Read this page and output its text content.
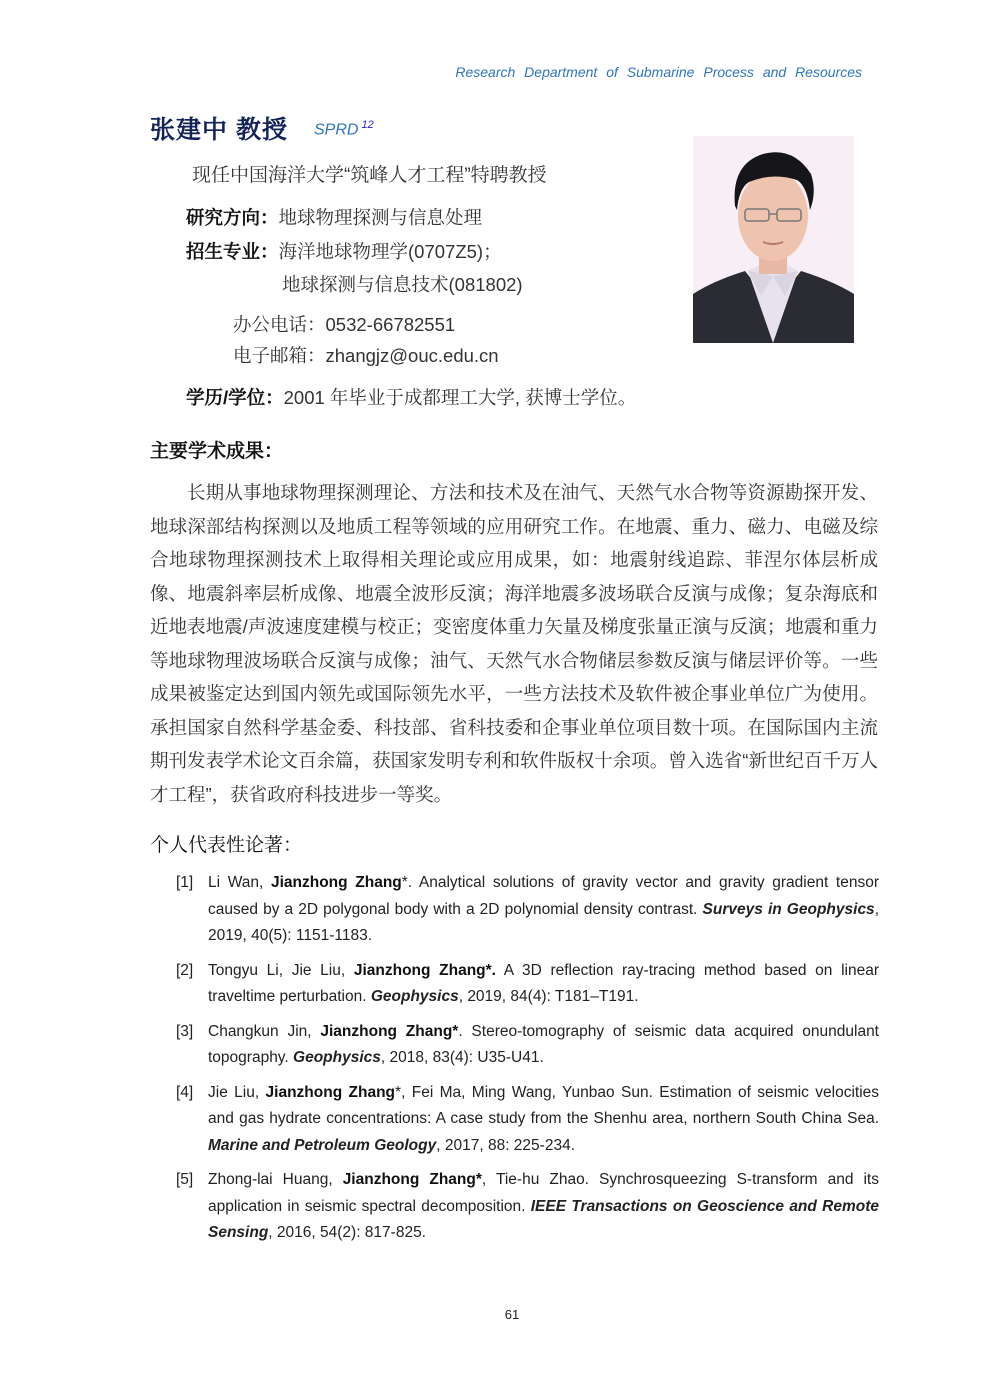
Research Department of Submarine Process and Resources
张建中 教授 SPRD $^{12}$
现任中国海洋大学“筑峰人才工程”特聘教授
研究方向：地球物理探测与信息处理
招生专业：海洋地球物理学(0707Z5)；
地球探测与信息技术(081802)
办公电话：0532-66782551
电子邮箱：zhangjz@ouc.edu.cn
学历/学位：2001 年毕业于成都理工大学, 获博士学位。
主要学术成果：

长期从事地球物理探测理论、方法和技术及在油气、天然气水合物等资源勘探开发、地球深部结构探测以及地质工程等领域的应用研究工作。在地震、重力、磁力、电磁及综合地球物理探测技术上取得相关理论或应用成果，如：地震射线追踪、菲涅尔体层析成像、地震斜率层析成像、地震全波形反演；海洋地震多波场联合反演与成像；复杂海底和近地表地震/声波速度建模与校正；变密度体重力矢量及梯度张量正演与反演；地震和重力等地球物理波场联合反演与成像；油气、天然气水合物储层参数反演与储层评价等。一些成果被鉴定达到国内领先或国际领先水平，一些方法技术及软件被企事业单位广为使用。承担国家自然科学基金委、科技部、省科技委和企事业单位项目数十项。在国际国内主流期刊发表学术论文百余篇，获国家发明专利和软件版权十余项。曾入选省“新世纪百千万人才工程”，获省政府科技进步一等奖。

个人代表性论著：
[1] Li Wan, Jianzhong Zhang*. Analytical solutions of gravity vector and gravity gradient tensor caused by a 2D polygonal body with a 2D polynomial density contrast. Surveys in Geophysics, 2019, 40(5): 1151-1183.
[2] Tongyu Li, Jie Liu, Jianzhong Zhang*. A 3D reflection ray-tracing method based on linear traveltime perturbation. Geophysics, 2019, 84(4): T181–T191.
[3] Changkun Jin, Jianzhong Zhang*. Stereo-tomography of seismic data acquired onundulant topography. Geophysics, 2018, 83(4): U35-U41.
[4] Jie Liu, Jianzhong Zhang*, Fei Ma, Ming Wang, Yunbao Sun. Estimation of seismic velocities and gas hydrate concentrations: A case study from the Shenhu area, northern South China Sea. Marine and Petroleum Geology, 2017, 88: 225-234.
[5] Zhong-lai Huang, Jianzhong Zhang*, Tie-hu Zhao. Synchrosqueezing S-transform and its application in seismic spectral decomposition. IEEE Transactions on Geoscience and Remote Sensing, 2016, 54(2): 817-825.
61
